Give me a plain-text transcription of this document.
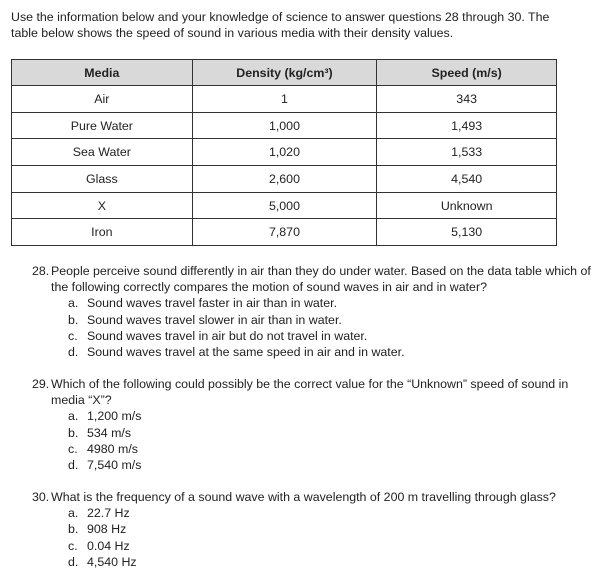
Use the information below and your knowledge of science to answer questions 28 through 30. The table below shows the speed of sound in various media with their density values.

Media	Density (kg/cm³)	Speed (m/s)
Air	1	343
Pure Water	1,000	1,493
Sea Water	1,020	1,533
Glass	2,600	4,540
X	5,000	Unknown
Iron	7,870	5,130
28. People perceive sound differently in air than they do under water. Based on the data table which of the following correctly compares the motion of sound waves in air and in water?
a. Sound waves travel faster in air than in water.
b. Sound waves travel slower in air than in water.
c. Sound waves travel in air but do not travel in water.
d. Sound waves travel at the same speed in air and in water.
29. Which of the following could possibly be the correct value for the “Unknown” speed of sound in media “X”?
a. 1,200 m/s
b. 534 m/s
c. 4980 m/s
d. 7,540 m/s
30. What is the frequency of a sound wave with a wavelength of 200 m travelling through glass?
a. 22.7 Hz
b. 908 Hz
c. 0.04 Hz
d. 4,540 Hz
